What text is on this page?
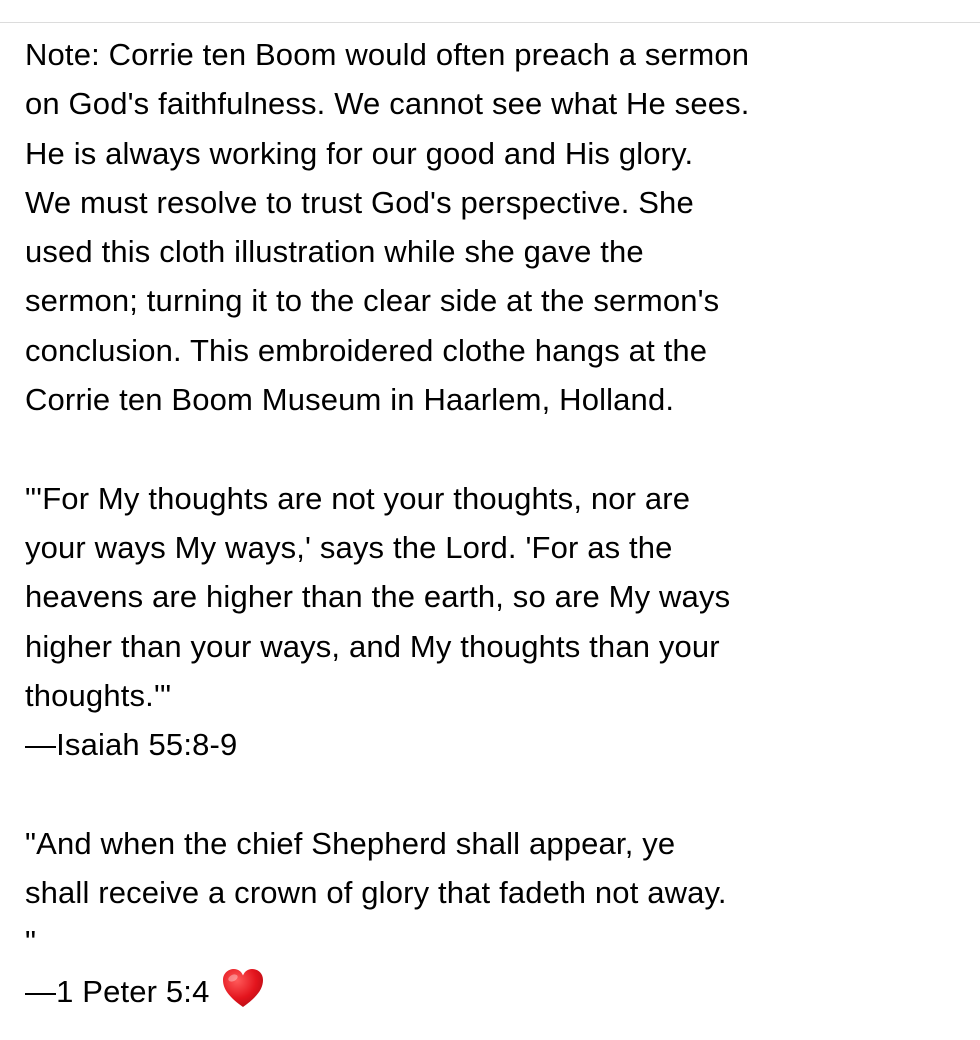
Note: Corrie ten Boom would often preach a sermon
on God's faithfulness. We cannot see what He sees.
He is always working for our good and His glory.
We must resolve to trust God's perspective. She
used this cloth illustration while she gave the
sermon; turning it to the clear side at the sermon's
conclusion. This embroidered clothe hangs at the
Corrie ten Boom Museum in Haarlem, Holland.
"'For My thoughts are not your thoughts, nor are
your ways My ways,' says the Lord. 'For as the
heavens are higher than the earth, so are My ways
higher than your ways, and My thoughts than your
thoughts.'"
—Isaiah 55:8-9
"And when the chief Shepherd shall appear, ye
shall receive a crown of glory that fadeth not away.
"
—1 Peter 5:4
